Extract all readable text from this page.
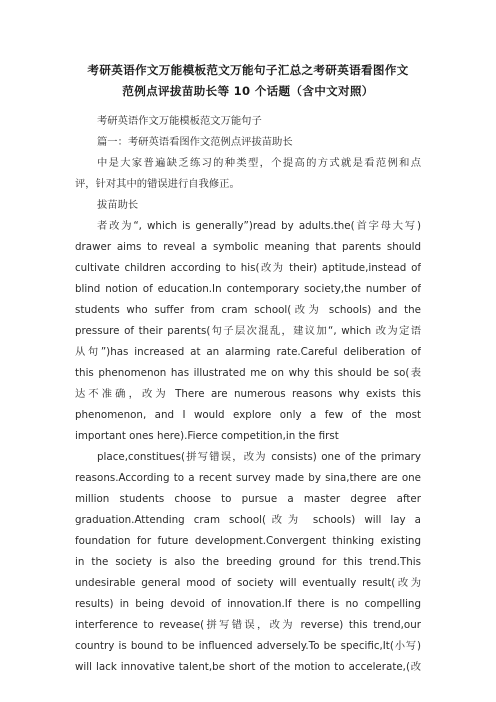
考研英语作文万能模板范文万能句子汇总之考研英语看图作文
范例点评拔苗助长等 10 个话题（含中文对照）
考研英语作文万能模板范文万能句子
篇一：考研英语看图作文范例点评拔苗助长
中是大家普遍缺乏练习的种类型，个提高的方式就是看范例和点
评，针对其中的错误进行自我修正。
拔苗助长
者改为“, which is generally”)read by adults.the(首字母大写)
drawer aims to reveal a symbolic meaning that parents should
cultivate children according to his(改为 their) aptitude,instead of
blind notion of education.In contemporary society,the number of
students who suffer from cram school(改为 schools) and the
pressure of their parents(句子层次混乱，建议加“, which 改为定语
从句”)has increased at an alarming rate.Careful deliberation of
this phenomenon has illustrated me on why this should be so(表
达不准确，改为 There are numerous reasons why exists this
phenomenon, and I would explore only a few of the most
important ones here).Fierce competition,in the first
place,constitues(拼写错误，改为 consists) one of the primary
reasons.According to a recent survey made by sina,there are one
million students choose to pursue a master degree after
graduation.Attending cram school(改为 schools) will lay a
foundation for future development.Convergent thinking existing
in the society is also the breeding ground for this trend.This
undesirable general mood of society will eventually result(改为
results) in being devoid of innovation.If there is no compelling
interference to revease(拼写错误，改为 reverse) this trend,our
country is bound to be influenced adversely.To be specific,It(小写)
will lack innovative talent,be short of the motion to accelerate,(改
